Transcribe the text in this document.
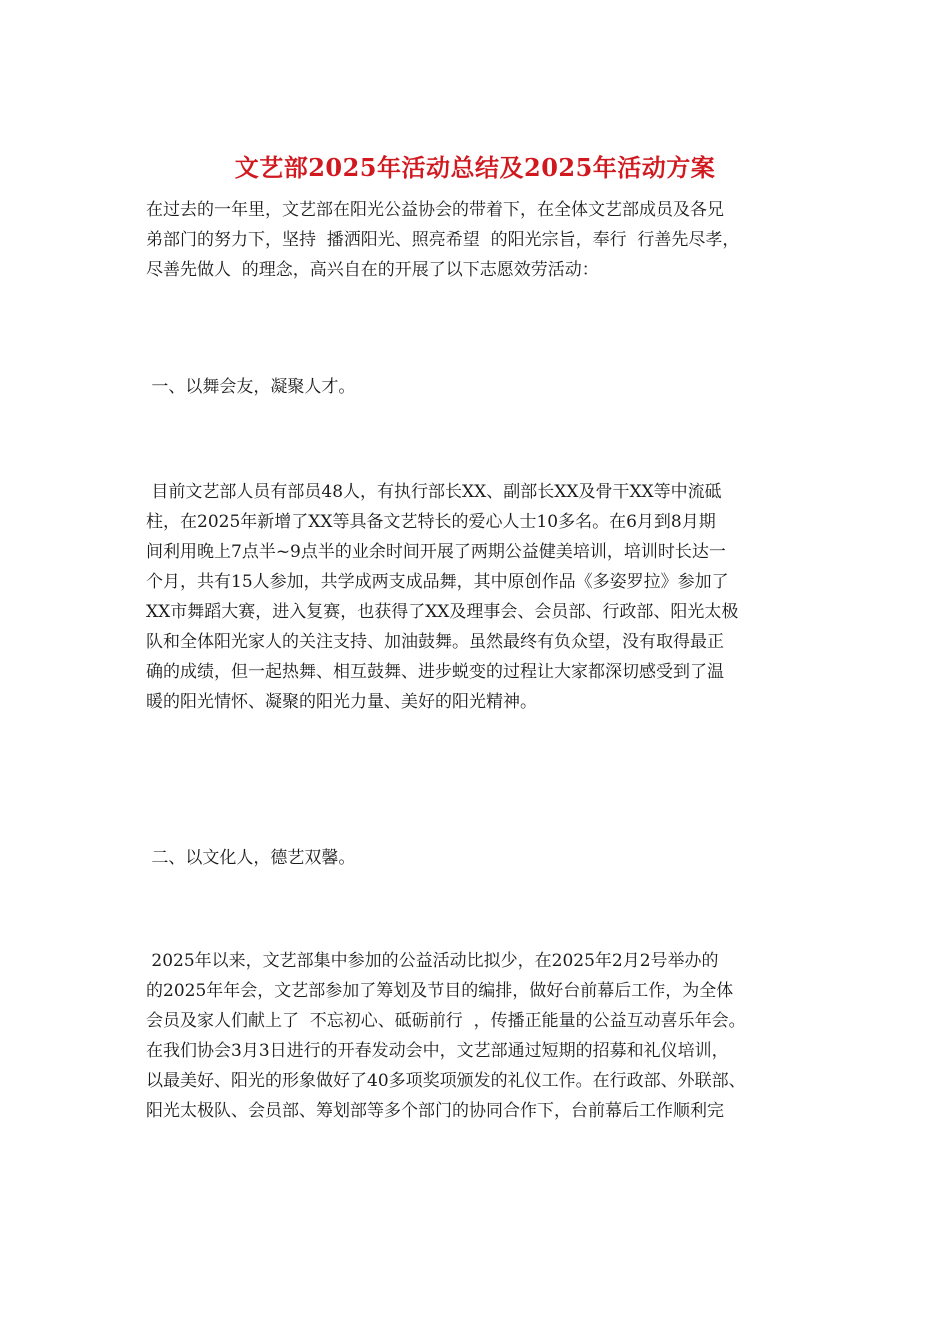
文艺部2025年活动总结及2025年活动方案
在过去的一年里，文艺部在阳光公益协会的带着下，在全体文艺部成员及各兄
弟部门的努力下，坚持  播洒阳光、照亮希望  的阳光宗旨，奉行  行善先尽孝，
尽善先做人  的理念，高兴自在的开展了以下志愿效劳活动：
一、以舞会友，凝聚人才。
目前文艺部人员有部员48人，有执行部长XX、副部长XX及骨干XX等中流砥
柱，在2025年新增了XX等具备文艺特长的爱心人士10多名。在6月到8月期
间利用晚上7点半~9点半的业余时间开展了两期公益健美培训，培训时长达一
个月，共有15人参加，共学成两支成品舞，其中原创作品《多姿罗拉》参加了
XX市舞蹈大赛，进入复赛，也获得了XX及理事会、会员部、行政部、阳光太极
队和全体阳光家人的关注支持、加油鼓舞。虽然最终有负众望，没有取得最正
确的成绩，但一起热舞、相互鼓舞、进步蜕变的过程让大家都深切感受到了温
暖的阳光情怀、凝聚的阳光力量、美好的阳光精神。
二、以文化人，德艺双馨。
2025年以来，文艺部集中参加的公益活动比拟少，在2025年2月2号举办的
的2025年年会，文艺部参加了筹划及节目的编排，做好台前幕后工作，为全体
会员及家人们献上了  不忘初心、砥砺前行  ，传播正能量的公益互动喜乐年会。
在我们协会3月3日进行的开春发动会中，文艺部通过短期的招募和礼仪培训，
以最美好、阳光的形象做好了40多项奖项颁发的礼仪工作。在行政部、外联部、
阳光太极队、会员部、筹划部等多个部门的协同合作下，台前幕后工作顺利完
